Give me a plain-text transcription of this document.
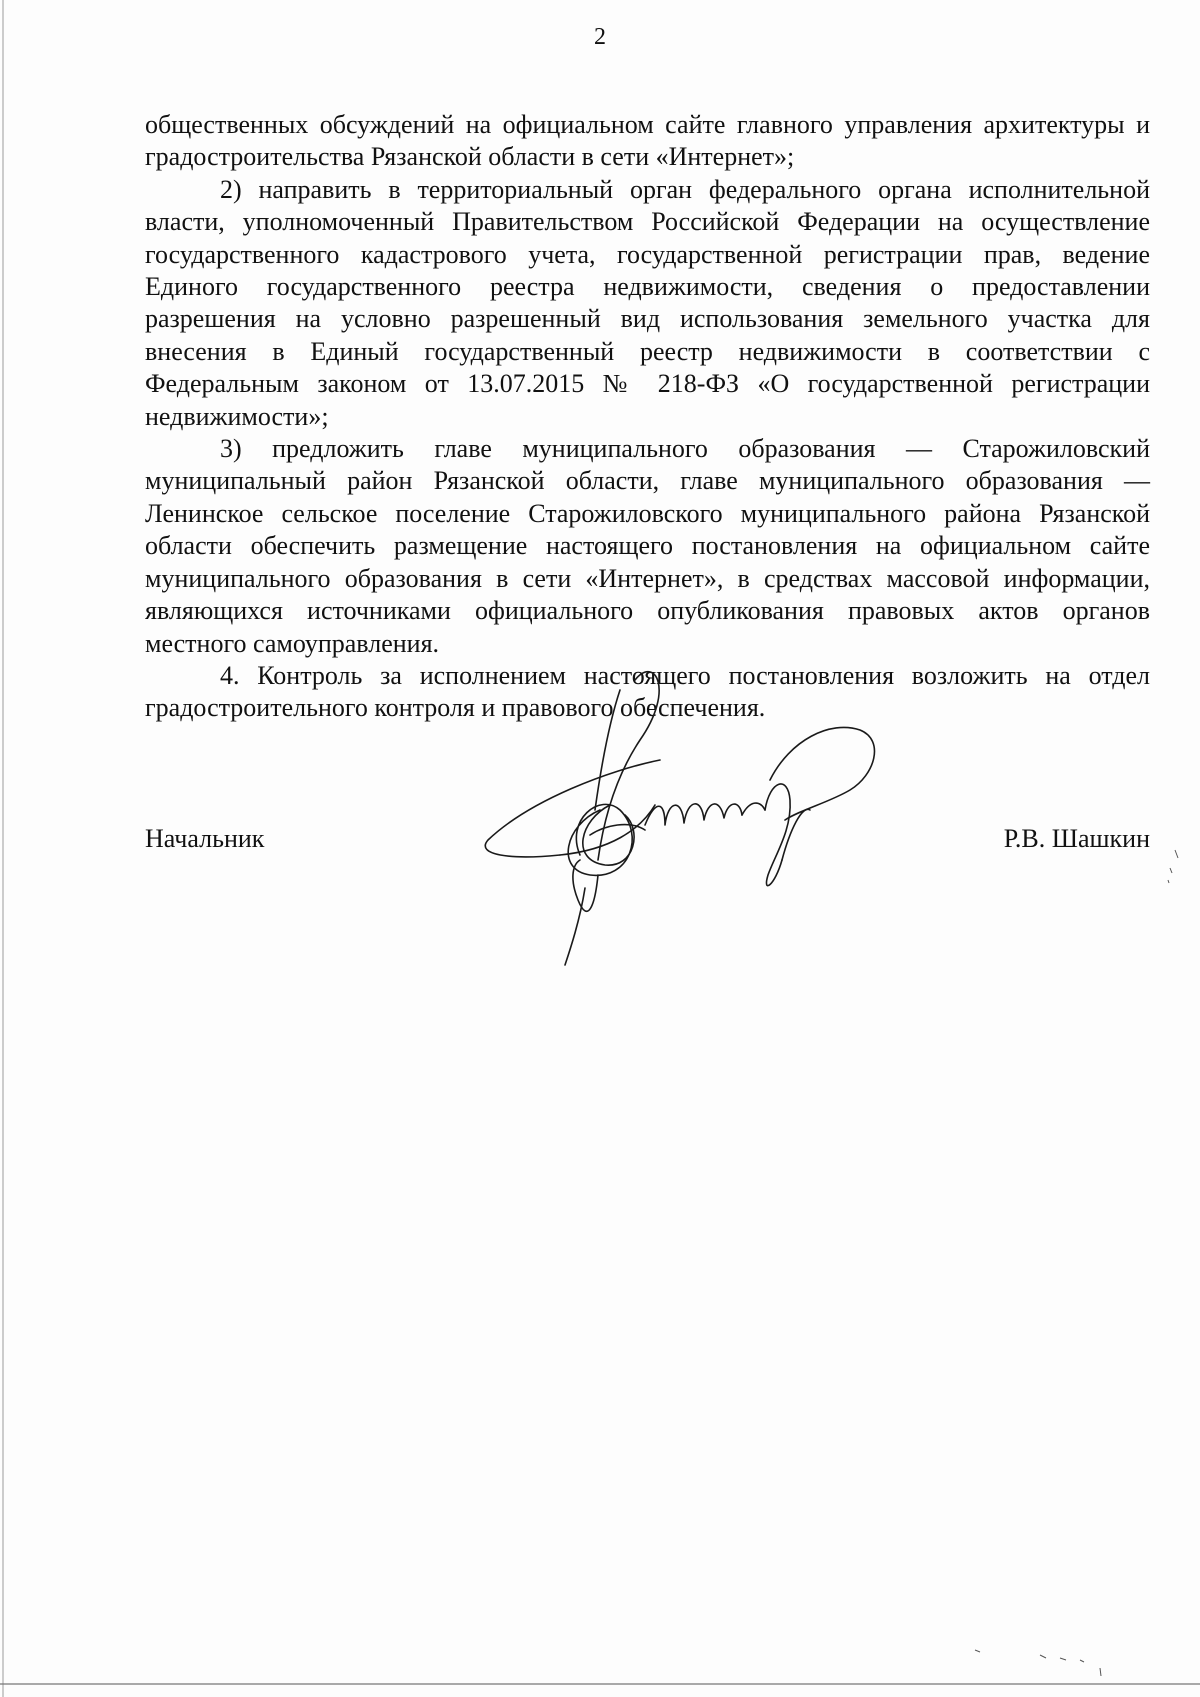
2

общественных обсуждений на официальном сайте главного управления архитектуры и градостроительства Рязанской области в сети «Интернет»;

2) направить в территориальный орган федерального органа исполнительной власти, уполномоченный Правительством Российской Федерации на осуществление государственного кадастрового учета, государственной регистрации прав, ведение Единого государственного реестра недвижимости, сведения о предоставлении разрешения на условно разрешенный вид использования земельного участка для внесения в Единый государственный реестр недвижимости в соответствии с Федеральным законом от 13.07.2015 № 218-ФЗ «О государственной регистрации недвижимости»;

3) предложить главе муниципального образования — Старожиловский муниципальный район Рязанской области, главе муниципального образования — Ленинское сельское поселение Старожиловского муниципального района Рязанской области обеспечить размещение настоящего постановления на официальном сайте муниципального образования в сети «Интернет», в средствах массовой информации, являющихся источниками официального опубликования правовых актов органов местного самоуправления.

4. Контроль за исполнением настоящего постановления возложить на отдел градостроительного контроля и правового обеспечения.

Начальник	Р.В. Шашкин
